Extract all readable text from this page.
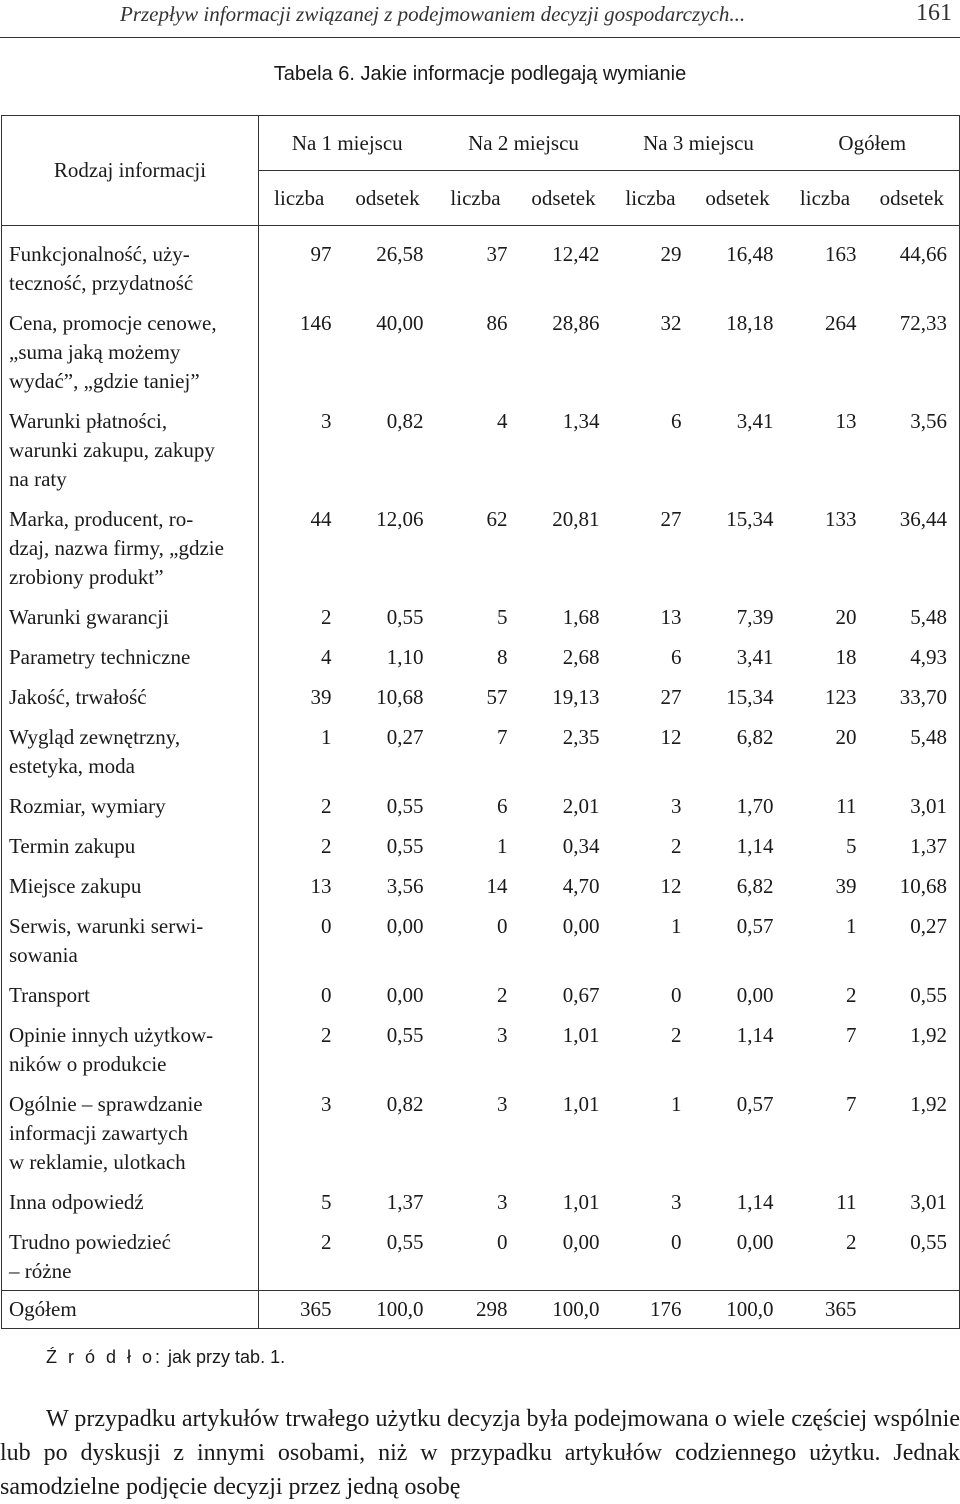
Przepływ informacji związanej z podejmowaniem decyzji gospodarczych...	161
Tabela 6. Jakie informacje podlegają wymianie
Rodzaj informacji	Na 1 miejscu		Na 2 miejscu		Na 3 miejscu		Ogółem	
	liczba	odsetek	liczba	odsetek	liczba	odsetek	liczba	odsetek
Funkcjonalność, uży-
tеczność, przydatność	97	26,58	37	12,42	29	16,48	163	44,66
Cena, promocje cenowe,
„suma jaką możemy
wydać”, „gdzie taniej”	146	40,00	86	28,86	32	18,18	264	72,33
Warunki płatności,
warunki zakupu, zakupy
na raty	3	0,82	4	1,34	6	3,41	13	3,56
Marka, producent, ro-
dzaj, nazwa firmy, „gdzie
zrobiony produkt”	44	12,06	62	20,81	27	15,34	133	36,44
Warunki gwarancji	2	0,55	5	1,68	13	7,39	20	5,48
Parametry techniczne	4	1,10	8	2,68	6	3,41	18	4,93
Jakość, trwałość	39	10,68	57	19,13	27	15,34	123	33,70
Wygląd zewnętrzny,
estetyka, moda	1	0,27	7	2,35	12	6,82	20	5,48
Rozmiar, wymiary	2	0,55	6	2,01	3	1,70	11	3,01
Termin zakupu	2	0,55	1	0,34	2	1,14	5	1,37
Miejsce zakupu	13	3,56	14	4,70	12	6,82	39	10,68
Serwis, warunki serwi-
sowania	0	0,00	0	0,00	1	0,57	1	0,27
Transport	0	0,00	2	0,67	0	0,00	2	0,55
Opinie innych użytkow-
ników o produkcie	2	0,55	3	1,01	2	1,14	7	1,92
Ogólnie – sprawdzanie
informacji zawartych
w reklamie, ulotkach	3	0,82	3	1,01	1	0,57	7	1,92
Inna odpowiedź	5	1,37	3	1,01	3	1,14	11	3,01
Trudno powiedzieć
– różne	2	0,55	0	0,00	0	0,00	2	0,55
Ogółem	365	100,0	298	100,0	176	100,0	365	
Ź r ó d ł o: jak przy tab. 1.

W przypadku artykułów trwałego użytku decyzja była podejmowana o wiele częściej wspólnie lub po dyskusji z innymi osobami, niż w przypadku artykułów codziennego użytku. Jednak samodzielne podjęcie decyzji przez jedną osobę
